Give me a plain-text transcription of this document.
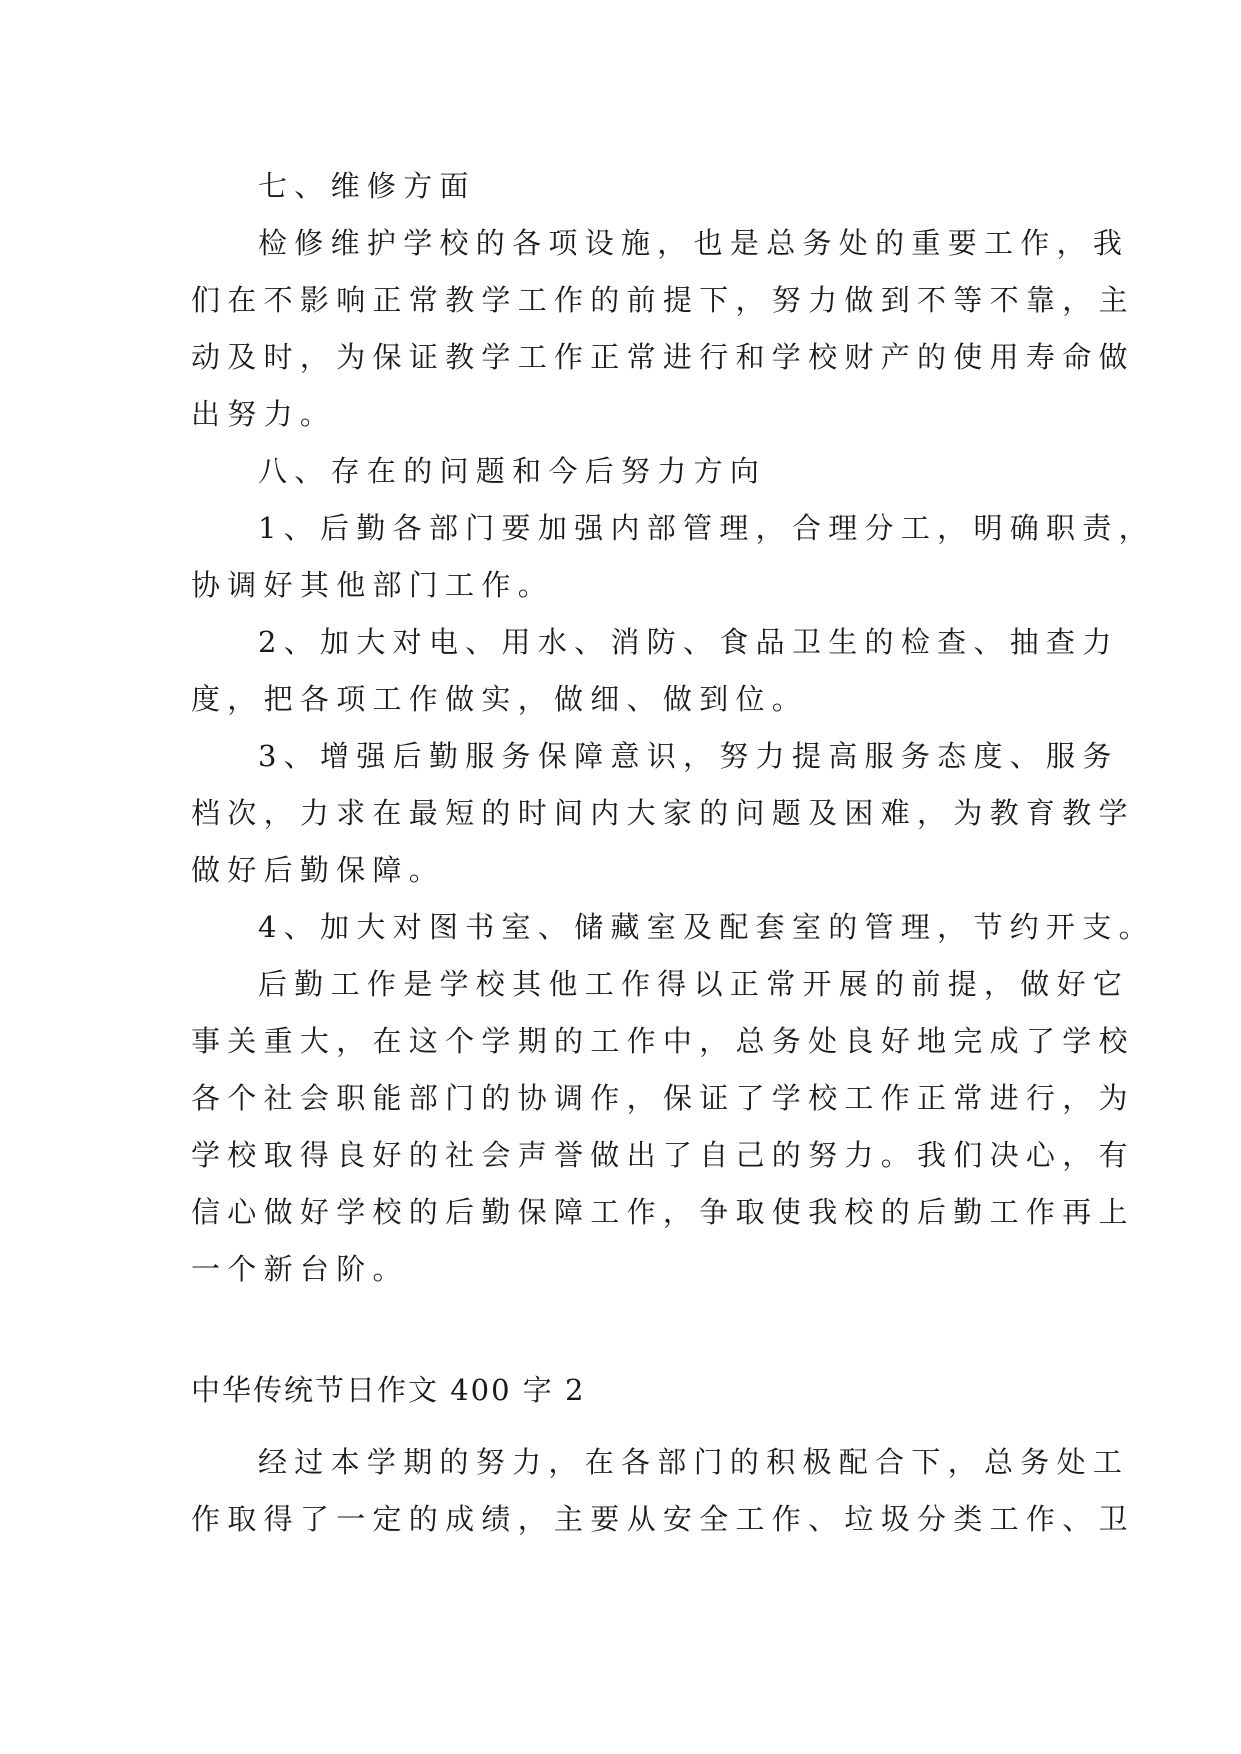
七、维修方面
检修维护学校的各项设施，也是总务处的重要工作，我
们在不影响正常教学工作的前提下，努力做到不等不靠，主
动及时，为保证教学工作正常进行和学校财产的使用寿命做
出努力。
八、存在的问题和今后努力方向
1、后勤各部门要加强内部管理，合理分工，明确职责，
协调好其他部门工作。
2、加大对电、用水、消防、食品卫生的检查、抽查力
度，把各项工作做实，做细、做到位。
3、增强后勤服务保障意识，努力提高服务态度、服务
档次，力求在最短的时间内大家的问题及困难，为教育教学
做好后勤保障。
4、加大对图书室、储藏室及配套室的管理，节约开支。
后勤工作是学校其他工作得以正常开展的前提，做好它
事关重大，在这个学期的工作中，总务处良好地完成了学校
各个社会职能部门的协调作，保证了学校工作正常进行，为
学校取得良好的社会声誉做出了自己的努力。我们决心，有
信心做好学校的后勤保障工作，争取使我校的后勤工作再上
一个新台阶。
中华传统节日作文 400 字 2
经过本学期的努力，在各部门的积极配合下，总务处工
作取得了一定的成绩，主要从安全工作、垃圾分类工作、卫
